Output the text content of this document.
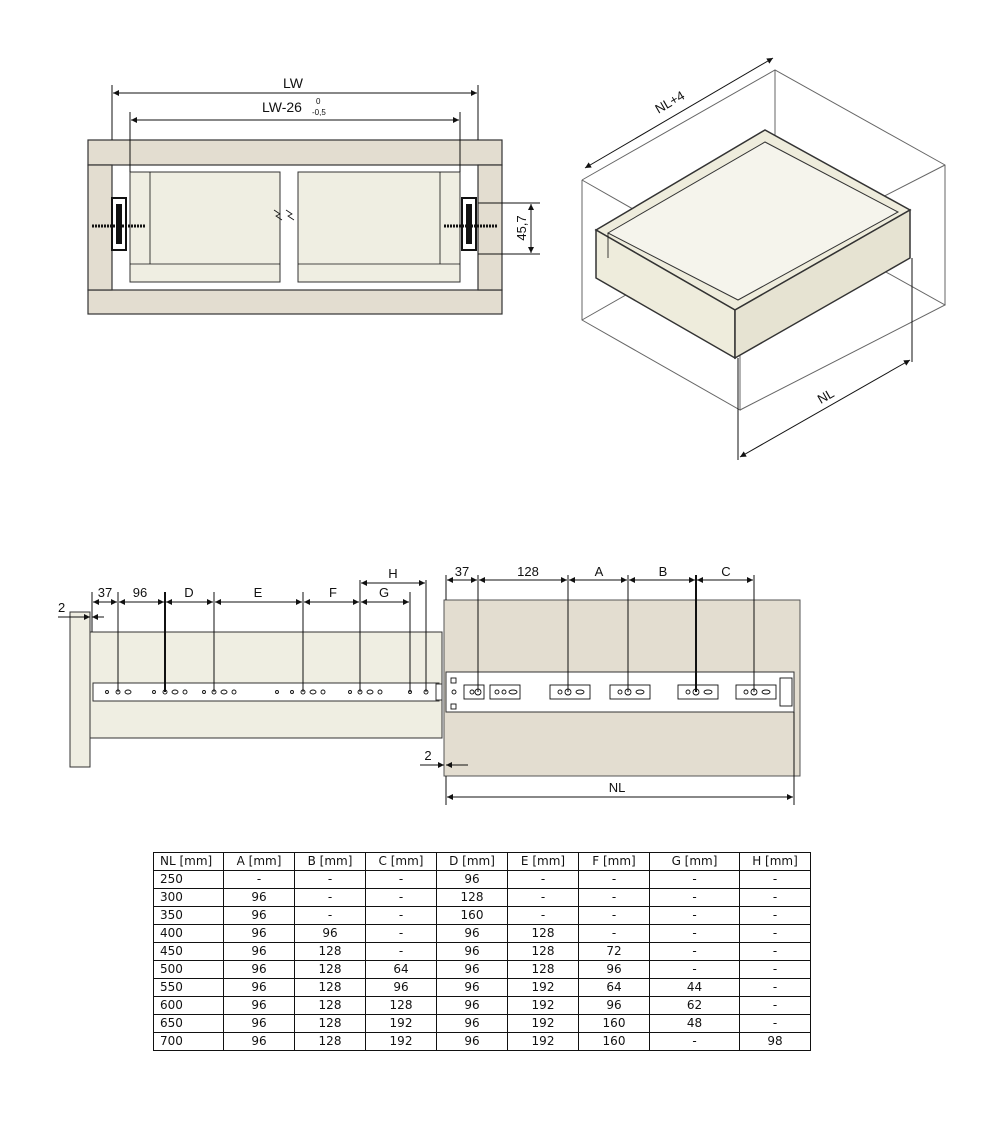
LW
LW-26 0
-0,5
45,7
NL+4
NL
2
37 96	D	E	F	G
H	37	128	A	B	C
2
NL
NL [mm]	A [mm]	B [mm]	C [mm]	D [mm]	E [mm]	F [mm]	G [mm]	H [mm]
250	-	-	-	96	-	-	-	-
300	96	-	-	128	-	-	-	-
350	96	-	-	160	-	-	-	-
400	96	96	-	96	128	-	-	-
450	96	128	-	96	128	72	-	-
500	96	128	64	96	128	96	-	-
550	96	128	96	96	192	64	44	-
600	96	128	128	96	192	96	62	-
650	96	128	192	96	192	160	48	-
700	96	128	192	96	192	160	-	98
